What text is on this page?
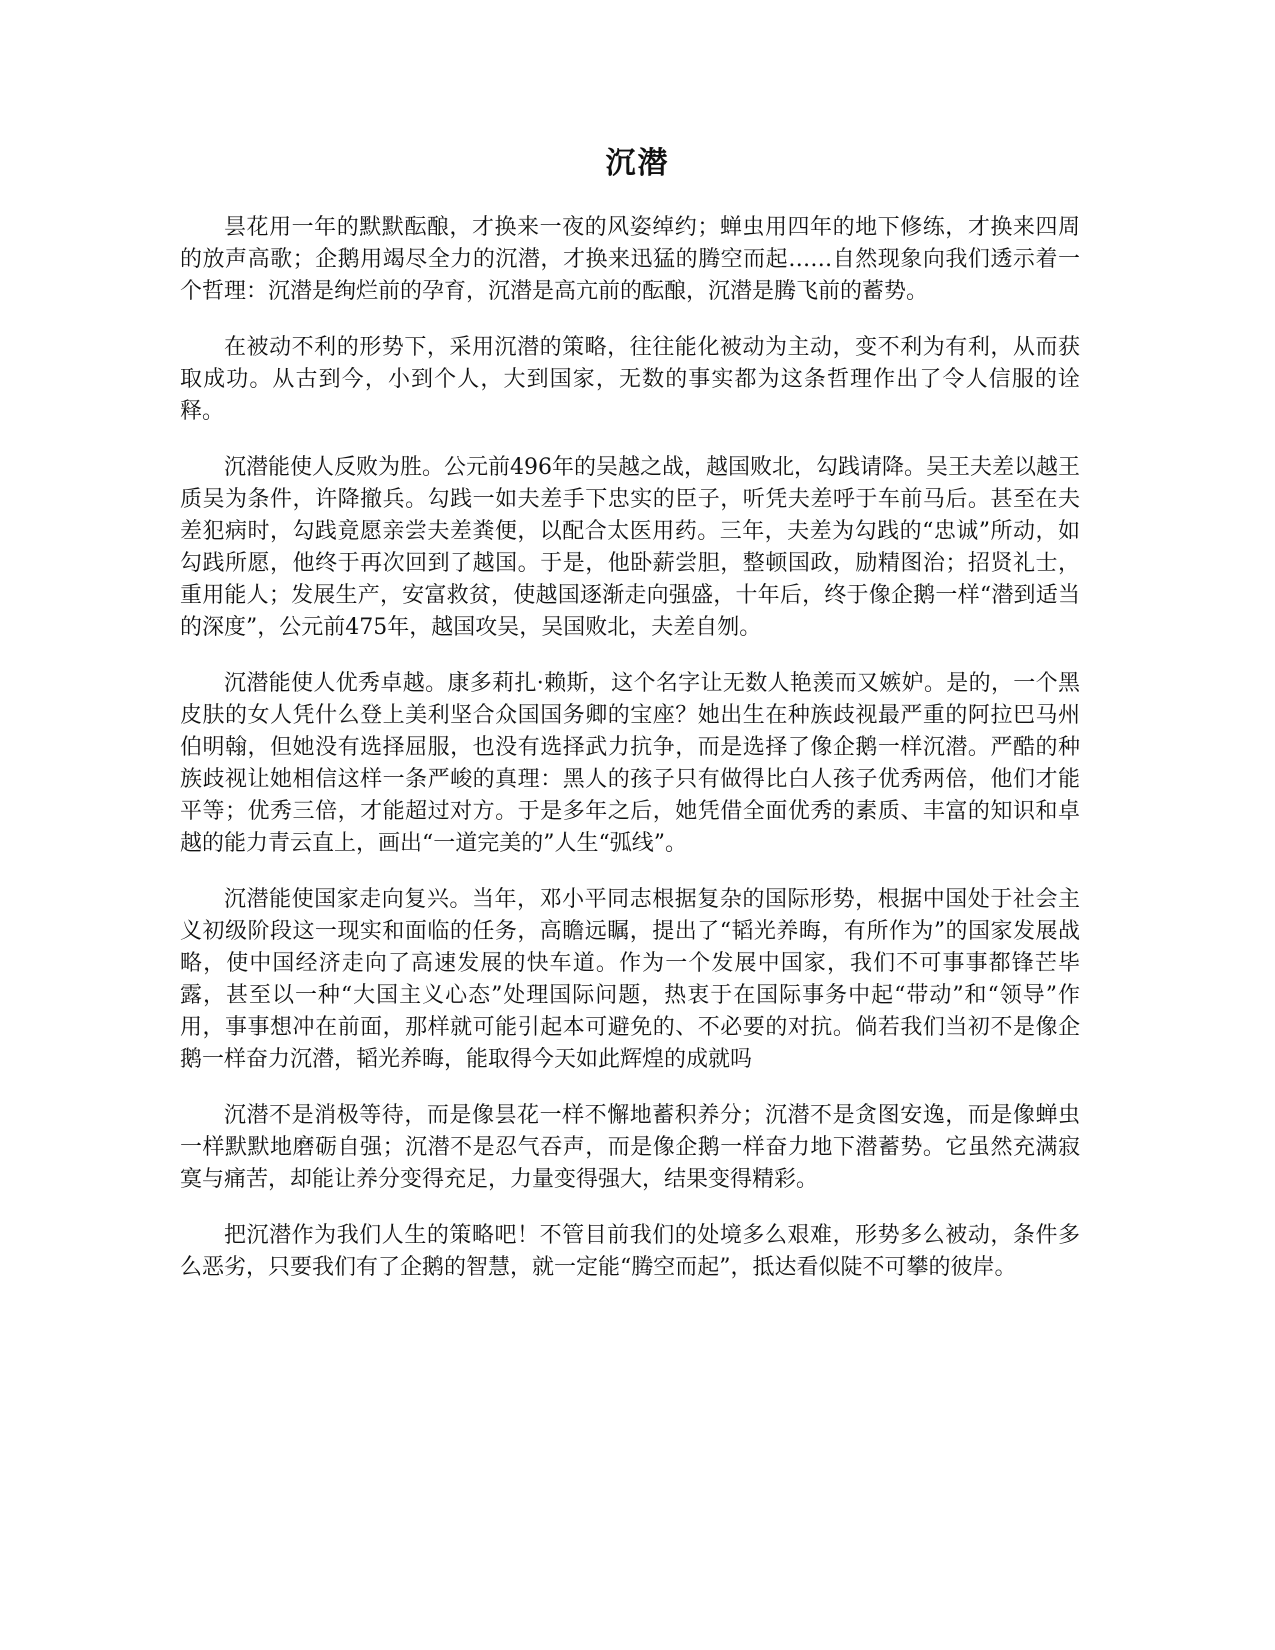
沉潜

昙花用一年的默默酝酿，才换来一夜的风姿绰约；蝉虫用四年的地下修练，才换来四周的放声高歌；企鹅用竭尽全力的沉潜，才换来迅猛的腾空而起……自然现象向我们透示着一个哲理：沉潜是绚烂前的孕育，沉潜是高亢前的酝酿，沉潜是腾飞前的蓄势。

在被动不利的形势下，采用沉潜的策略，往往能化被动为主动，变不利为有利，从而获取成功。从古到今，小到个人，大到国家，无数的事实都为这条哲理作出了令人信服的诠释。

沉潜能使人反败为胜。公元前496年的吴越之战，越国败北，勾践请降。吴王夫差以越王质吴为条件，许降撤兵。勾践一如夫差手下忠实的臣子，听凭夫差呼于车前马后。甚至在夫差犯病时，勾践竟愿亲尝夫差粪便，以配合太医用药。三年，夫差为勾践的“忠诚”所动，如勾践所愿，他终于再次回到了越国。于是，他卧薪尝胆，整顿国政，励精图治；招贤礼士，重用能人；发展生产，安富救贫，使越国逐渐走向强盛，十年后，终于像企鹅一样“潜到适当的深度”，公元前475年，越国攻吴，吴国败北，夫差自刎。

沉潜能使人优秀卓越。康多莉扎·赖斯，这个名字让无数人艳羡而又嫉妒。是的，一个黑皮肤的女人凭什么登上美利坚合众国国务卿的宝座？她出生在种族歧视最严重的阿拉巴马州伯明翰，但她没有选择屈服，也没有选择武力抗争，而是选择了像企鹅一样沉潜。严酷的种族歧视让她相信这样一条严峻的真理：黑人的孩子只有做得比白人孩子优秀两倍，他们才能平等；优秀三倍，才能超过对方。于是多年之后，她凭借全面优秀的素质、丰富的知识和卓越的能力青云直上，画出“一道完美的”人生“弧线”。

沉潜能使国家走向复兴。当年，邓小平同志根据复杂的国际形势，根据中国处于社会主义初级阶段这一现实和面临的任务，高瞻远瞩，提出了“韬光养晦，有所作为”的国家发展战略，使中国经济走向了高速发展的快车道。作为一个发展中国家，我们不可事事都锋芒毕露，甚至以一种“大国主义心态”处理国际问题，热衷于在国际事务中起“带动”和“领导”作用，事事想冲在前面，那样就可能引起本可避免的、不必要的对抗。倘若我们当初不是像企鹅一样奋力沉潜，韬光养晦，能取得今天如此辉煌的成就吗

沉潜不是消极等待，而是像昙花一样不懈地蓄积养分；沉潜不是贪图安逸，而是像蝉虫一样默默地磨砺自强；沉潜不是忍气吞声，而是像企鹅一样奋力地下潜蓄势。它虽然充满寂寞与痛苦，却能让养分变得充足，力量变得强大，结果变得精彩。

把沉潜作为我们人生的策略吧！不管目前我们的处境多么艰难，形势多么被动，条件多么恶劣，只要我们有了企鹅的智慧，就一定能“腾空而起”，抵达看似陡不可攀的彼岸。
